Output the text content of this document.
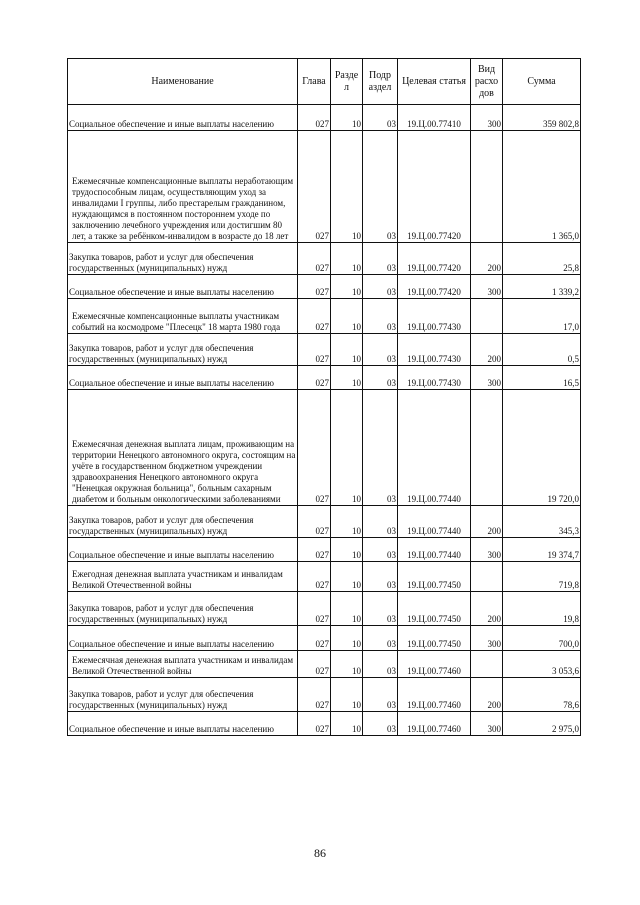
Наименование	Глава	Разде л	Подр аздел	Целевая статья	Вид расхо дов	Сумма
Социальное обеспечение и иные выплаты населению	027	10	03	19.Ц.00.77410	300	359 802,8
Ежемесячные компенсационные выплаты неработающим трудоспособным лицам, осуществляющим уход за инвалидами I группы, либо престарелым гражданином, нуждающимся в постоянном постороннем уходе по заключению лечебного учреждения или достигшим 80 лет, а также за ребёнком-инвалидом в возрасте до 18 лет	027	10	03	19.Ц.00.77420		1 365,0
Закупка товаров, работ и услуг для обеспечения государственных (муниципальных) нужд	027	10	03	19.Ц.00.77420	200	25,8
Социальное обеспечение и иные выплаты населению	027	10	03	19.Ц.00.77420	300	1 339,2
Ежемесячные компенсационные выплаты участникам событий на космодроме "Плесецк" 18 марта 1980 года	027	10	03	19.Ц.00.77430		17,0
Закупка товаров, работ и услуг для обеспечения государственных (муниципальных) нужд	027	10	03	19.Ц.00.77430	200	0,5
Социальное обеспечение и иные выплаты населению	027	10	03	19.Ц.00.77430	300	16,5
Ежемесячная денежная выплата лицам, проживающим на территории Ненецкого автономного округа, состоящим на учёте в государственном бюджетном учреждении здравоохранения Ненецкого автономного округа "Ненецкая окружная больница", больным сахарным диабетом и больным онкологическими заболеваниями	027	10	03	19.Ц.00.77440		19 720,0
Закупка товаров, работ и услуг для обеспечения государственных (муниципальных) нужд	027	10	03	19.Ц.00.77440	200	345,3
Социальное обеспечение и иные выплаты населению	027	10	03	19.Ц.00.77440	300	19 374,7
Ежегодная денежная выплата участникам и инвалидам Великой Отечественной войны	027	10	03	19.Ц.00.77450		719,8
Закупка товаров, работ и услуг для обеспечения государственных (муниципальных) нужд	027	10	03	19.Ц.00.77450	200	19,8
Социальное обеспечение и иные выплаты населению	027	10	03	19.Ц.00.77450	300	700,0
Ежемесячная денежная выплата участникам и инвалидам Великой Отечественной войны	027	10	03	19.Ц.00.77460		3 053,6
Закупка товаров, работ и услуг для обеспечения государственных (муниципальных) нужд	027	10	03	19.Ц.00.77460	200	78,6
Социальное обеспечение и иные выплаты населению	027	10	03	19.Ц.00.77460	300	2 975,0
86
